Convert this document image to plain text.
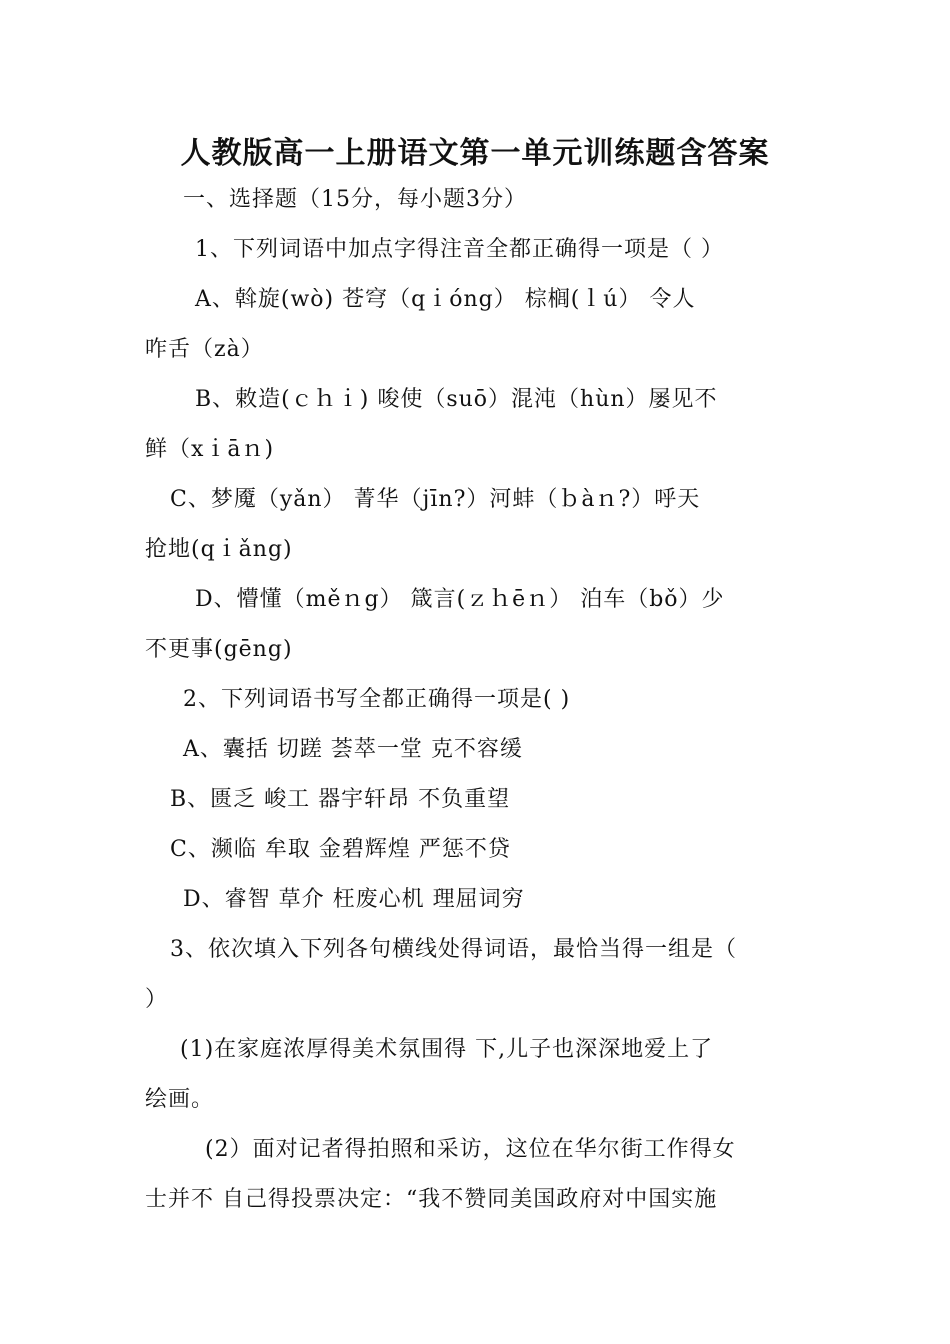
人教版高一上册语文第一单元训练题含答案
一、选择题（15分，每小题3分）
1、下列词语中加点字得注音全都正确得一项是（ ）
A、斡旋(wò) 苍穹（qｉóng） 棕榈(ｌú） 令人
咋舌（zà）
B、敕造(ｃｈｉ) 唆使（suō）混沌（hùn）屡见不
鲜（xｉāｎ)
C、梦魇（yǎn） 菁华（jīn?）河蚌（ｂàｎ?）呼天
抢地(qｉǎng)
D、懵懂（měｎg） 箴言(ｚｈēｎ） 泊车（bǒ）少
不更事(gēng)
2、下列词语书写全都正确得一项是( )
A、囊括 切蹉 荟萃一堂 克不容缓
B、匮乏 峻工 器宇轩昂 不负重望
C、濒临 牟取 金碧辉煌 严惩不贷
D、睿智 草介 枉废心机 理屈词穷
3、依次填入下列各句横线处得词语，最恰当得一组是（
）
(1)在家庭浓厚得美术氛围得 下,儿子也深深地爱上了
绘画。
(2）面对记者得拍照和采访，这位在华尔街工作得女
士并不 自己得投票决定：“我不赞同美国政府对中国实施
